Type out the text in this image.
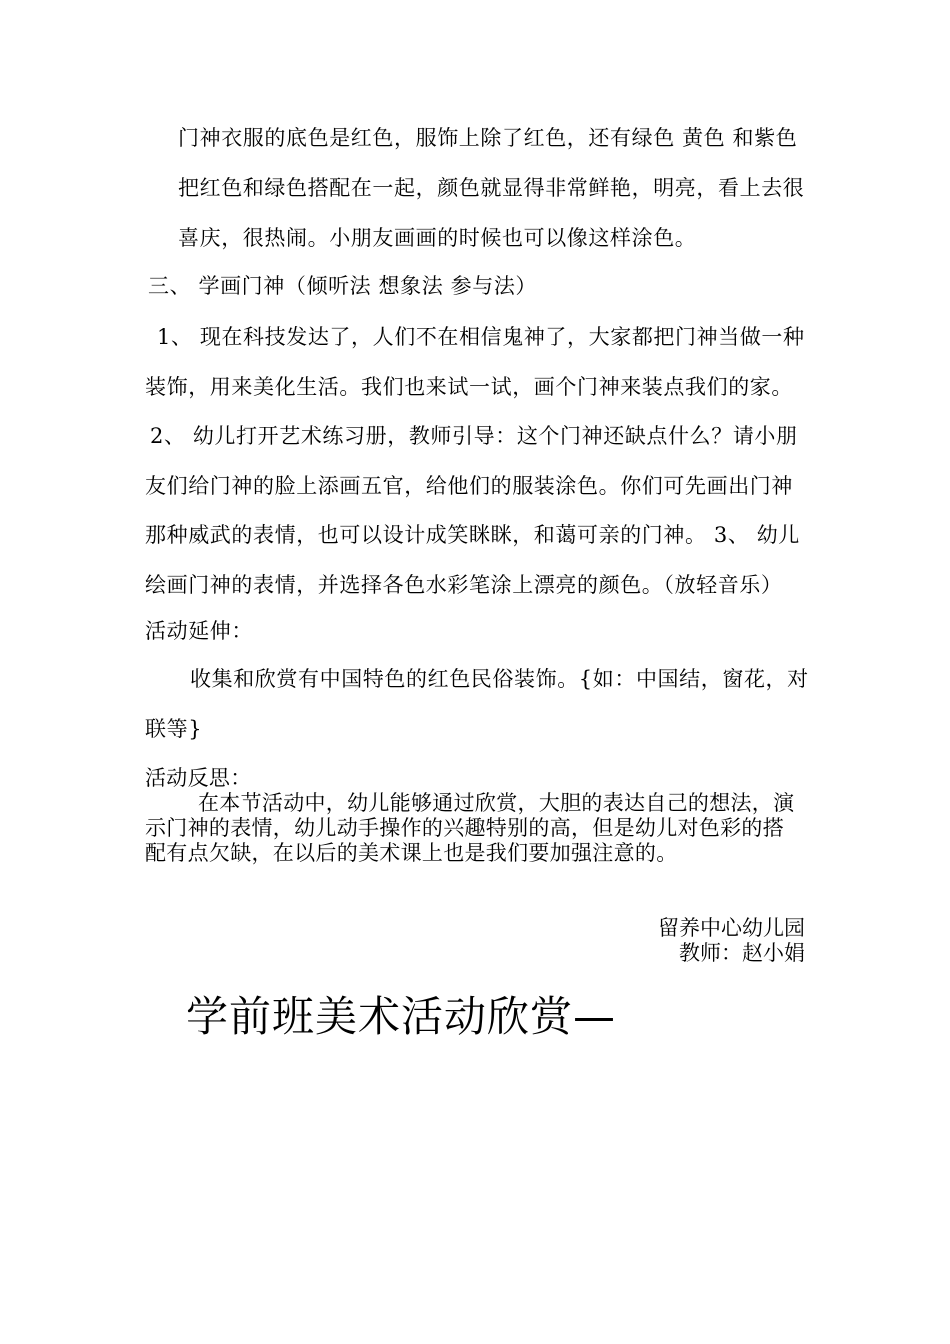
门神衣服的底色是红色，服饰上除了红色，还有绿色 黄色 和紫色

把红色和绿色搭配在一起，颜色就显得非常鲜艳，明亮，看上去很

喜庆，很热闹。小朋友画画的时候也可以像这样涂色。

三、 学画门神（倾听法 想象法 参与法）

1、 现在科技发达了，人们不在相信鬼神了，大家都把门神当做一种

装饰，用来美化生活。我们也来试一试，画个门神来装点我们的家。

2、 幼儿打开艺术练习册，教师引导：这个门神还缺点什么？请小朋

友们给门神的脸上添画五官，给他们的服装涂色。你们可先画出门神

那种威武的表情，也可以设计成笑眯眯，和蔼可亲的门神。 3、 幼儿

绘画门神的表情，并选择各色水彩笔涂上漂亮的颜色。（放轻音乐）

活动延伸：

收集和欣赏有中国特色的红色民俗装饰。{如：中国结，窗花，对

联等}

活动反思：

在本节活动中，幼儿能够通过欣赏，大胆的表达自己的想法，演

示门神的表情，幼儿动手操作的兴趣特别的高，但是幼儿对色彩的搭

配有点欠缺，在以后的美术课上也是我们要加强注意的。

留养中心幼儿园

教师：赵小娟

学前班美术活动欣赏—
